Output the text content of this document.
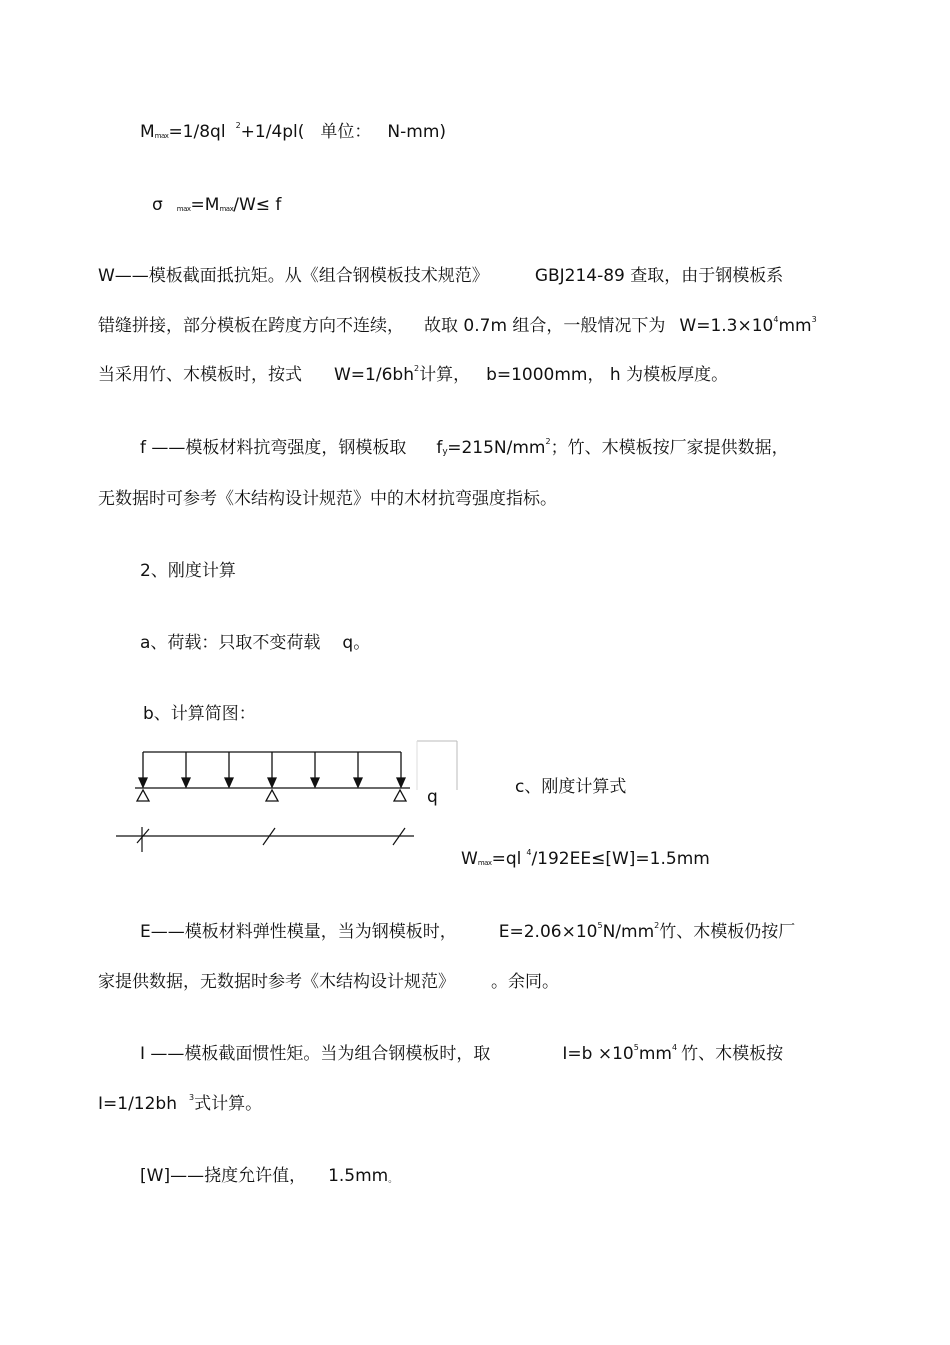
Mmax=1/8ql $^2$+1/4pl( 单位： N-mm)
σ max=Mmax/W≤ f
W——模板截面抵抗矩。从《组合钢模板技术规范》	GBJ214-89 查取，由于钢模板系
错缝拼接，部分模板在跨度方向不连续， 故取 0.7m 组合，一般情况下为 $W=1.3\times 10^4mm^3$
当采用竹、木模板时，按式 $W=1/6bh^2$计算， b=1000mm， h 为模板厚度。
f ——模板材料抗弯强度，钢模板取 $fy=215N/mm^2$；竹、木模板按厂家提供数据，
无数据时可参考《木结构设计规范》中的木材抗弯强度指标。
2、刚度计算
a、荷载：只取不变荷载 q。
b、计算简图：
q	c、刚度计算式
Wmax=ql $^4$/192EE≤[W]=1.5mm
E——模板材料弹性模量，当为钢模板时， $E=2.06\times 10^5N/mm^2$竹、木模板仍按厂
家提供数据，无数据时参考《木结构设计规范》 。余同。
I ——模板截面惯性矩。当为组合钢模板时，取	$I=b \times 10^5mm^4$ 竹、木模板按
I=1/12bh $^3$式计算。
[W]——挠度允许值， 1.5mm。
